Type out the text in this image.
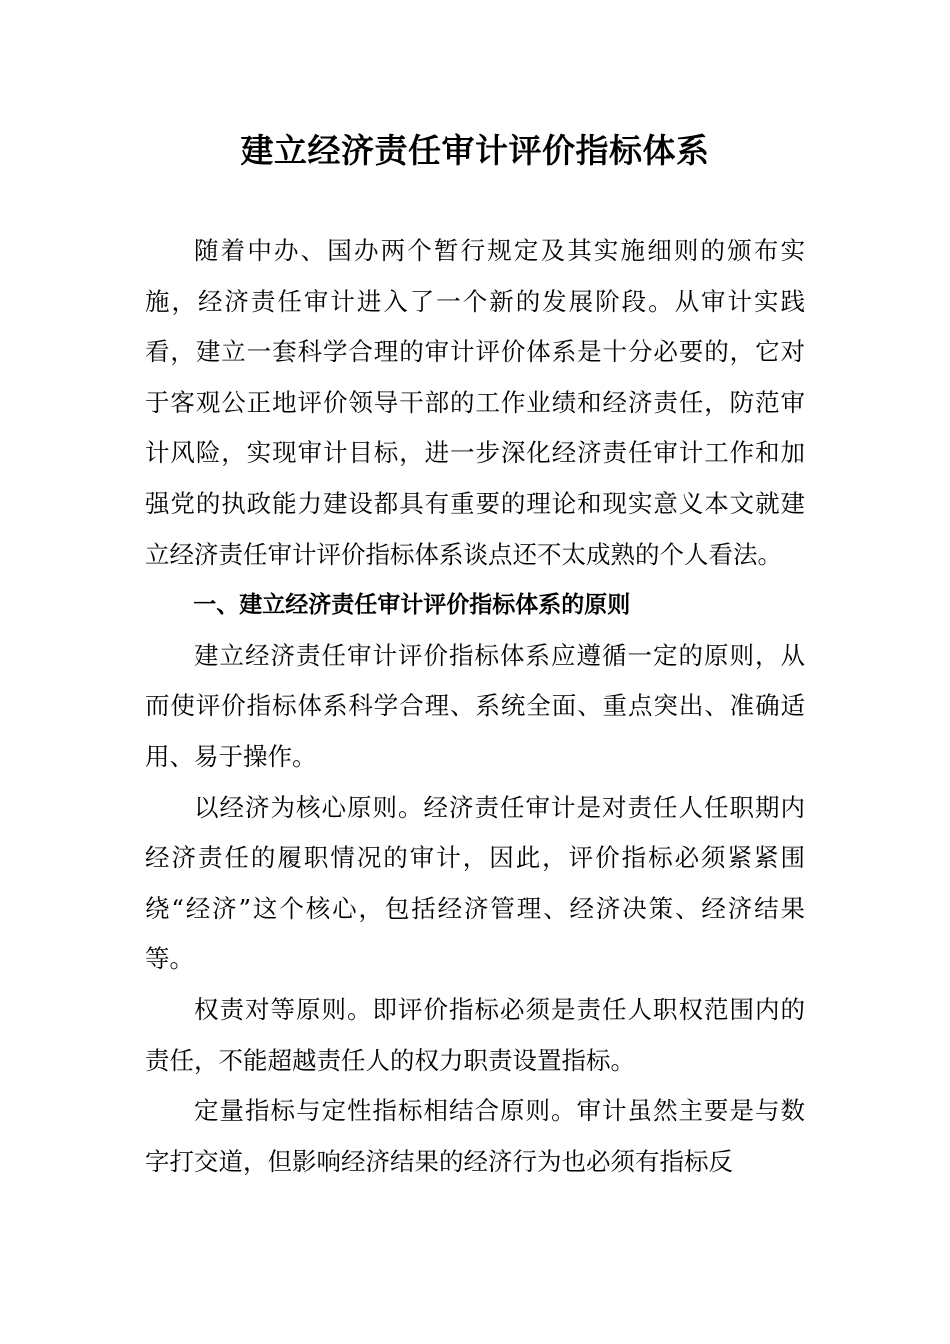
建立经济责任审计评价指标体系

随着中办、国办两个暂行规定及其实施细则的颁布实施，经济责任审计进入了一个新的发展阶段。从审计实践看，建立一套科学合理的审计评价体系是十分必要的，它对于客观公正地评价领导干部的工作业绩和经济责任，防范审计风险，实现审计目标，进一步深化经济责任审计工作和加强党的执政能力建设都具有重要的理论和现实意义本文就建立经济责任审计评价指标体系谈点还不太成熟的个人看法。

一、建立经济责任审计评价指标体系的原则

建立经济责任审计评价指标体系应遵循一定的原则，从而使评价指标体系科学合理、系统全面、重点突出、准确适用、易于操作。

以经济为核心原则。经济责任审计是对责任人任职期内经济责任的履职情况的审计，因此，评价指标必须紧紧围绕“经济”这个核心，包括经济管理、经济决策、经济结果等。

权责对等原则。即评价指标必须是责任人职权范围内的责任，不能超越责任人的权力职责设置指标。

定量指标与定性指标相结合原则。审计虽然主要是与数字打交道，但影响经济结果的经济行为也必须有指标反
